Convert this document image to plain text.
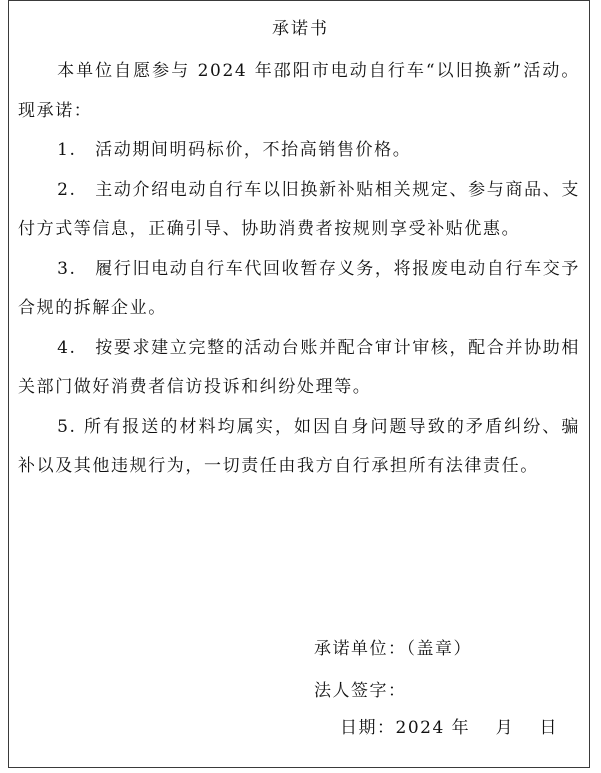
承诺书

本单位自愿参与 2024 年邵阳市电动自行车“以旧换新”活动。现承诺：

1.　活动期间明码标价，不抬高销售价格。

2.　主动介绍电动自行车以旧换新补贴相关规定、参与商品、支付方式等信息，正确引导、协助消费者按规则享受补贴优惠。

3.　履行旧电动自行车代回收暂存义务，将报废电动自行车交予合规的拆解企业。

4.　按要求建立完整的活动台账并配合审计审核，配合并协助相关部门做好消费者信访投诉和纠纷处理等。

5. 所有报送的材料均属实，如因自身问题导致的矛盾纠纷、骗补以及其他违规行为，一切责任由我方自行承担所有法律责任。

承诺单位：（盖章）
法人签字：
日期：2024 年　 月　 日
